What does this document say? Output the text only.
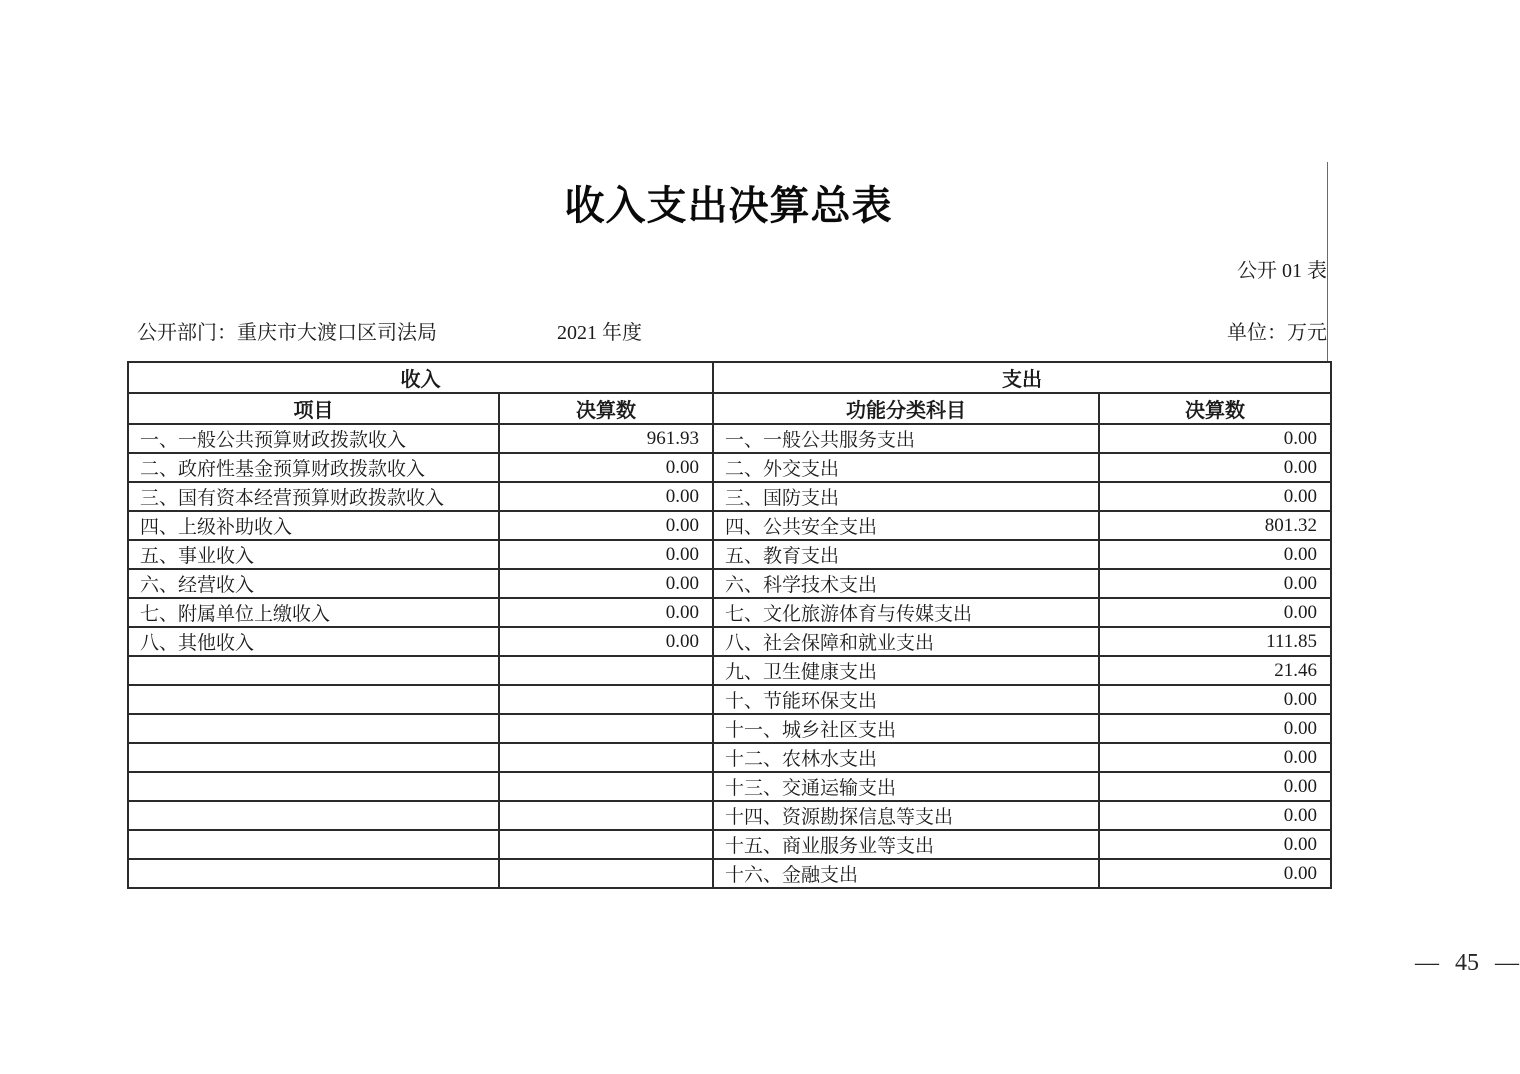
收入支出决算总表
公开 01 表
公开部门：重庆市大渡口区司法局	2021 年度	单位：万元
收入		支出	
项目	决算数	功能分类科目	决算数
一、一般公共预算财政拨款收入	961.93	一、一般公共服务支出	0.00
二、政府性基金预算财政拨款收入	0.00	二、外交支出	0.00
三、国有资本经营预算财政拨款收入	0.00	三、国防支出	0.00
四、上级补助收入	0.00	四、公共安全支出	801.32
五、事业收入	0.00	五、教育支出	0.00
六、经营收入	0.00	六、科学技术支出	0.00
七、附属单位上缴收入	0.00	七、文化旅游体育与传媒支出	0.00
八、其他收入	0.00	八、社会保障和就业支出	111.85
		九、卫生健康支出	21.46
		十、节能环保支出	0.00
		十一、城乡社区支出	0.00
		十二、农林水支出	0.00
		十三、交通运输支出	0.00
		十四、资源勘探信息等支出	0.00
		十五、商业服务业等支出	0.00
		十六、金融支出	0.00
— 45 —
